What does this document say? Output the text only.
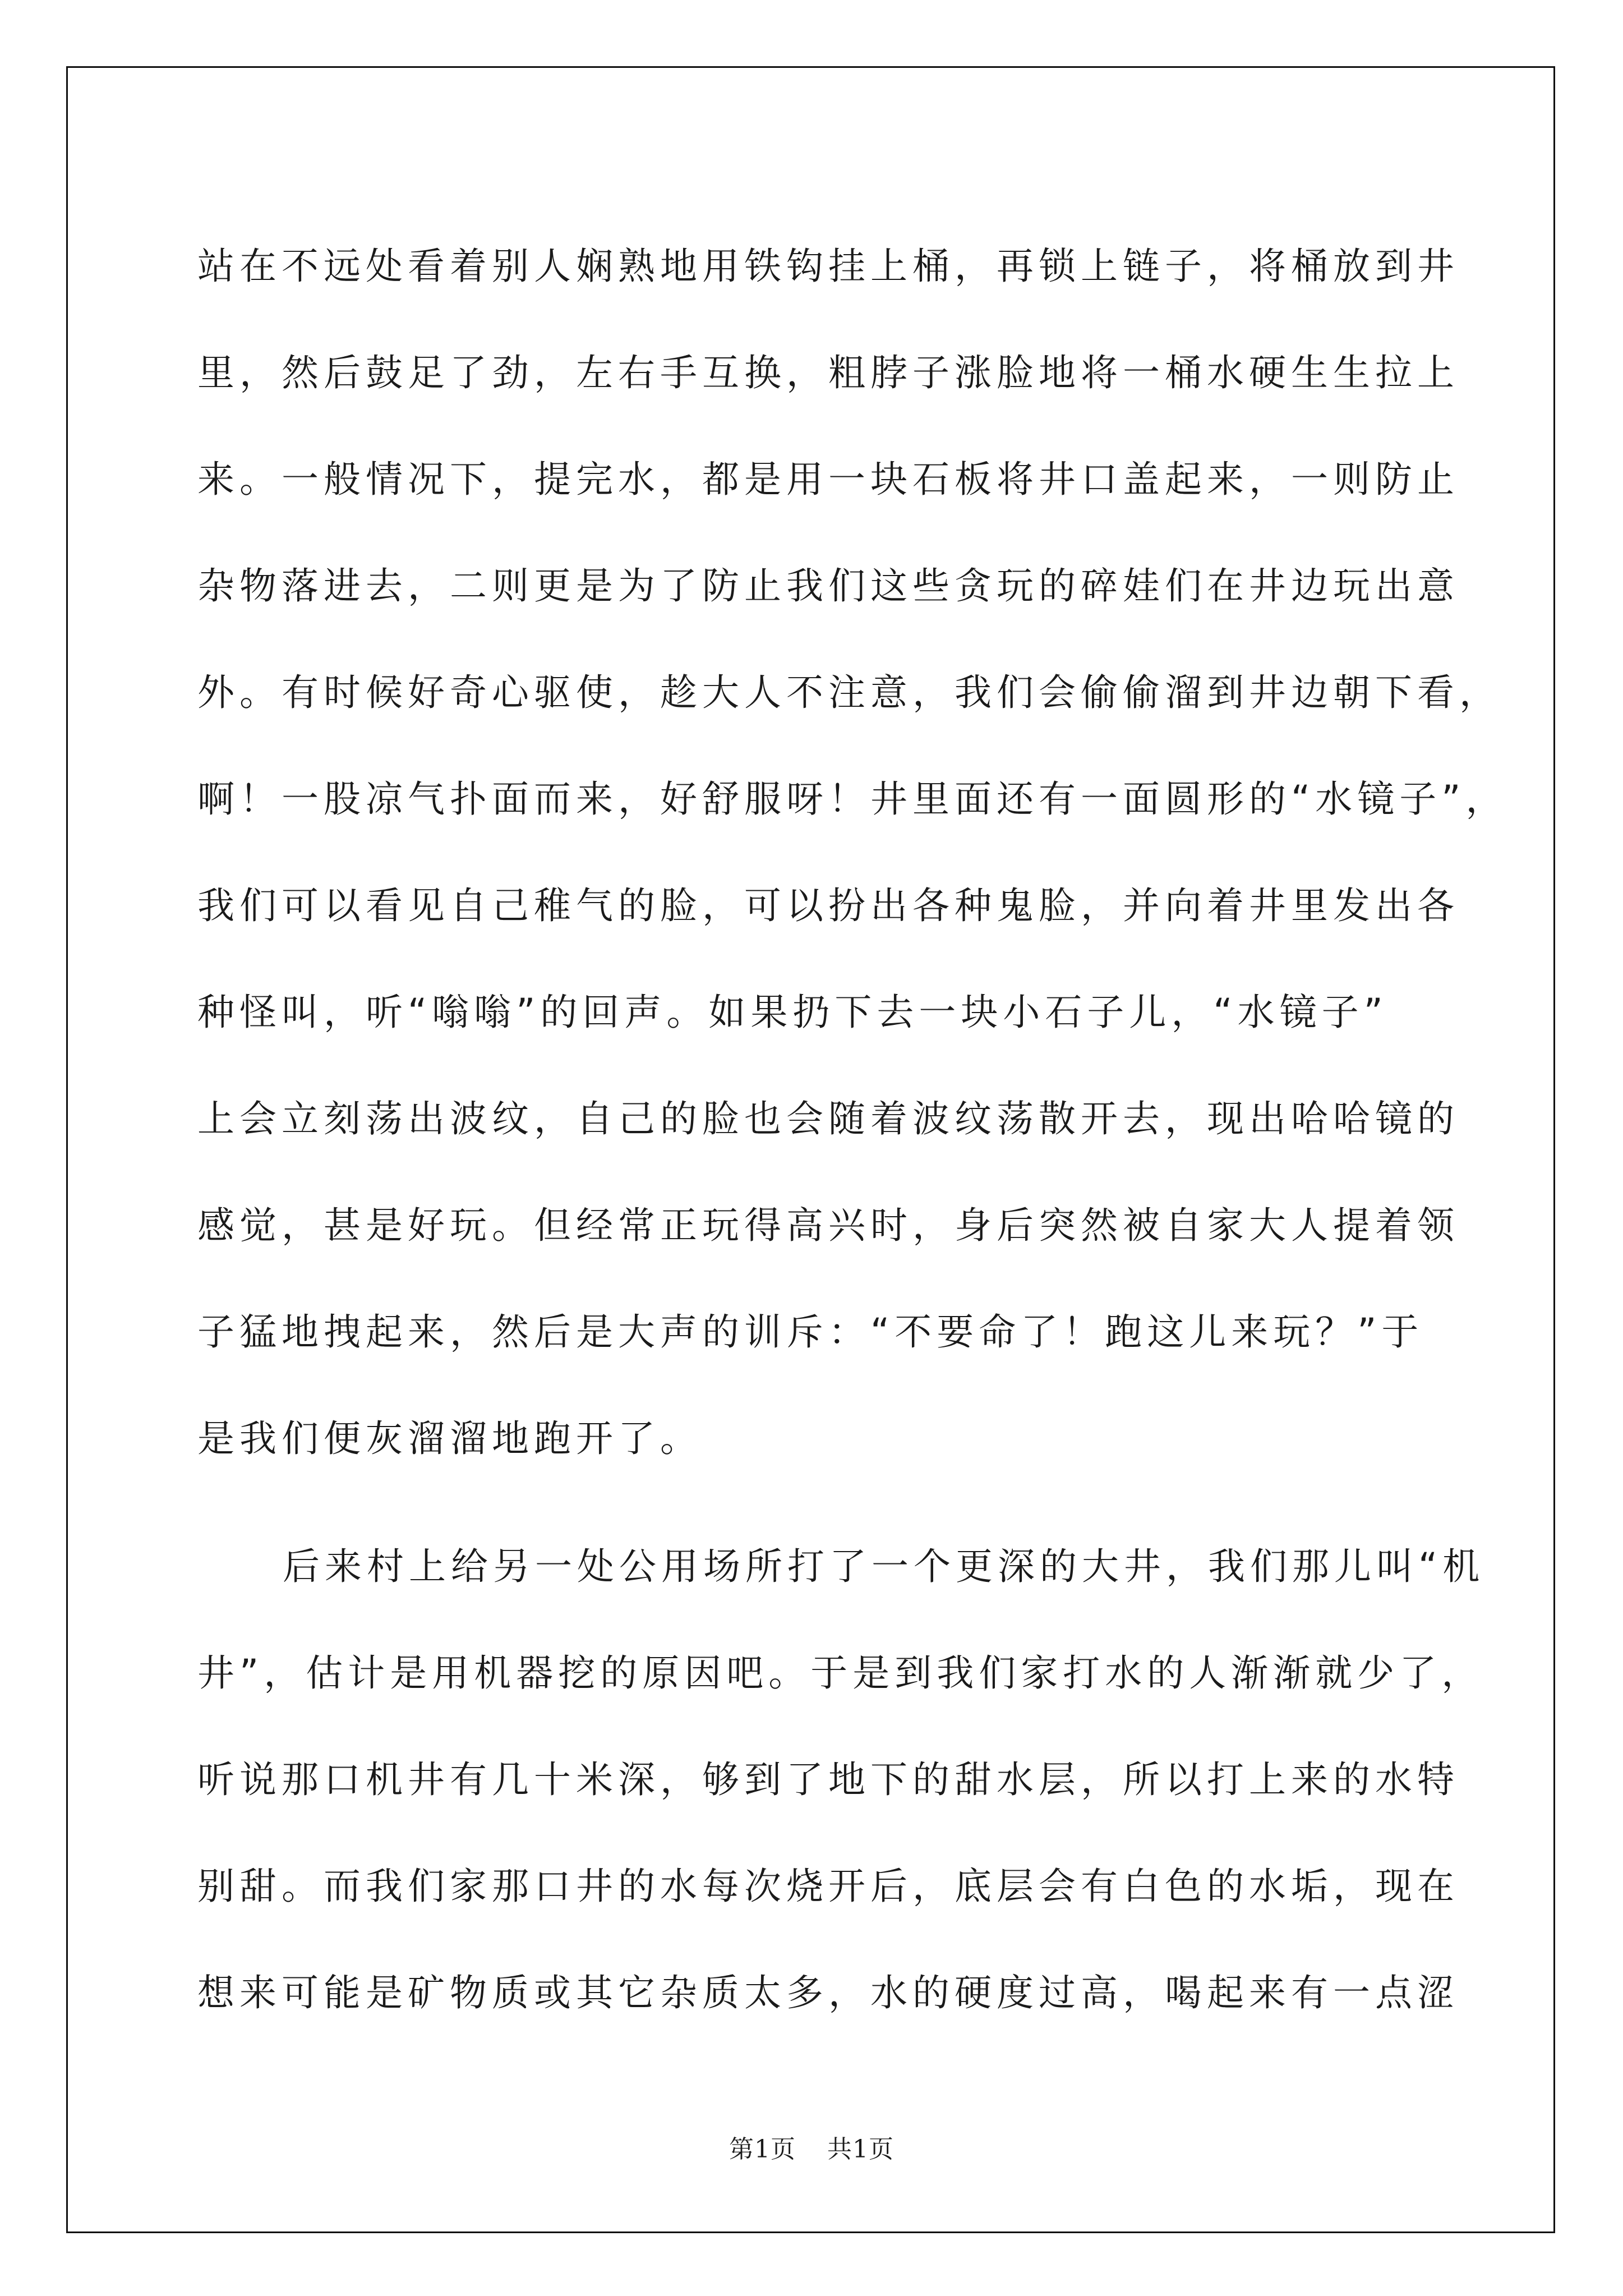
站在不远处看着别人娴熟地用铁钩挂上桶，再锁上链子，将桶放到井
里，然后鼓足了劲，左右手互换，粗脖子涨脸地将一桶水硬生生拉上
来。一般情况下，提完水，都是用一块石板将井口盖起来，一则防止
杂物落进去，二则更是为了防止我们这些贪玩的碎娃们在井边玩出意
外。有时候好奇心驱使，趁大人不注意，我们会偷偷溜到井边朝下看，
啊！一股凉气扑面而来，好舒服呀！井里面还有一面圆形的“水镜子”，
我们可以看见自己稚气的脸，可以扮出各种鬼脸，并向着井里发出各
种怪叫，听“嗡嗡”的回声。如果扔下去一块小石子儿，“水镜子”
上会立刻荡出波纹，自己的脸也会随着波纹荡散开去，现出哈哈镜的
感觉，甚是好玩。但经常正玩得高兴时，身后突然被自家大人提着领
子猛地拽起来，然后是大声的训斥：“不要命了！跑这儿来玩？”于
是我们便灰溜溜地跑开了。
后来村上给另一处公用场所打了一个更深的大井，我们那儿叫“机
井”，估计是用机器挖的原因吧。于是到我们家打水的人渐渐就少了，
听说那口机井有几十米深，够到了地下的甜水层，所以打上来的水特
别甜。而我们家那口井的水每次烧开后，底层会有白色的水垢，现在
想来可能是矿物质或其它杂质太多，水的硬度过高，喝起来有一点涩
第1页 共1页
